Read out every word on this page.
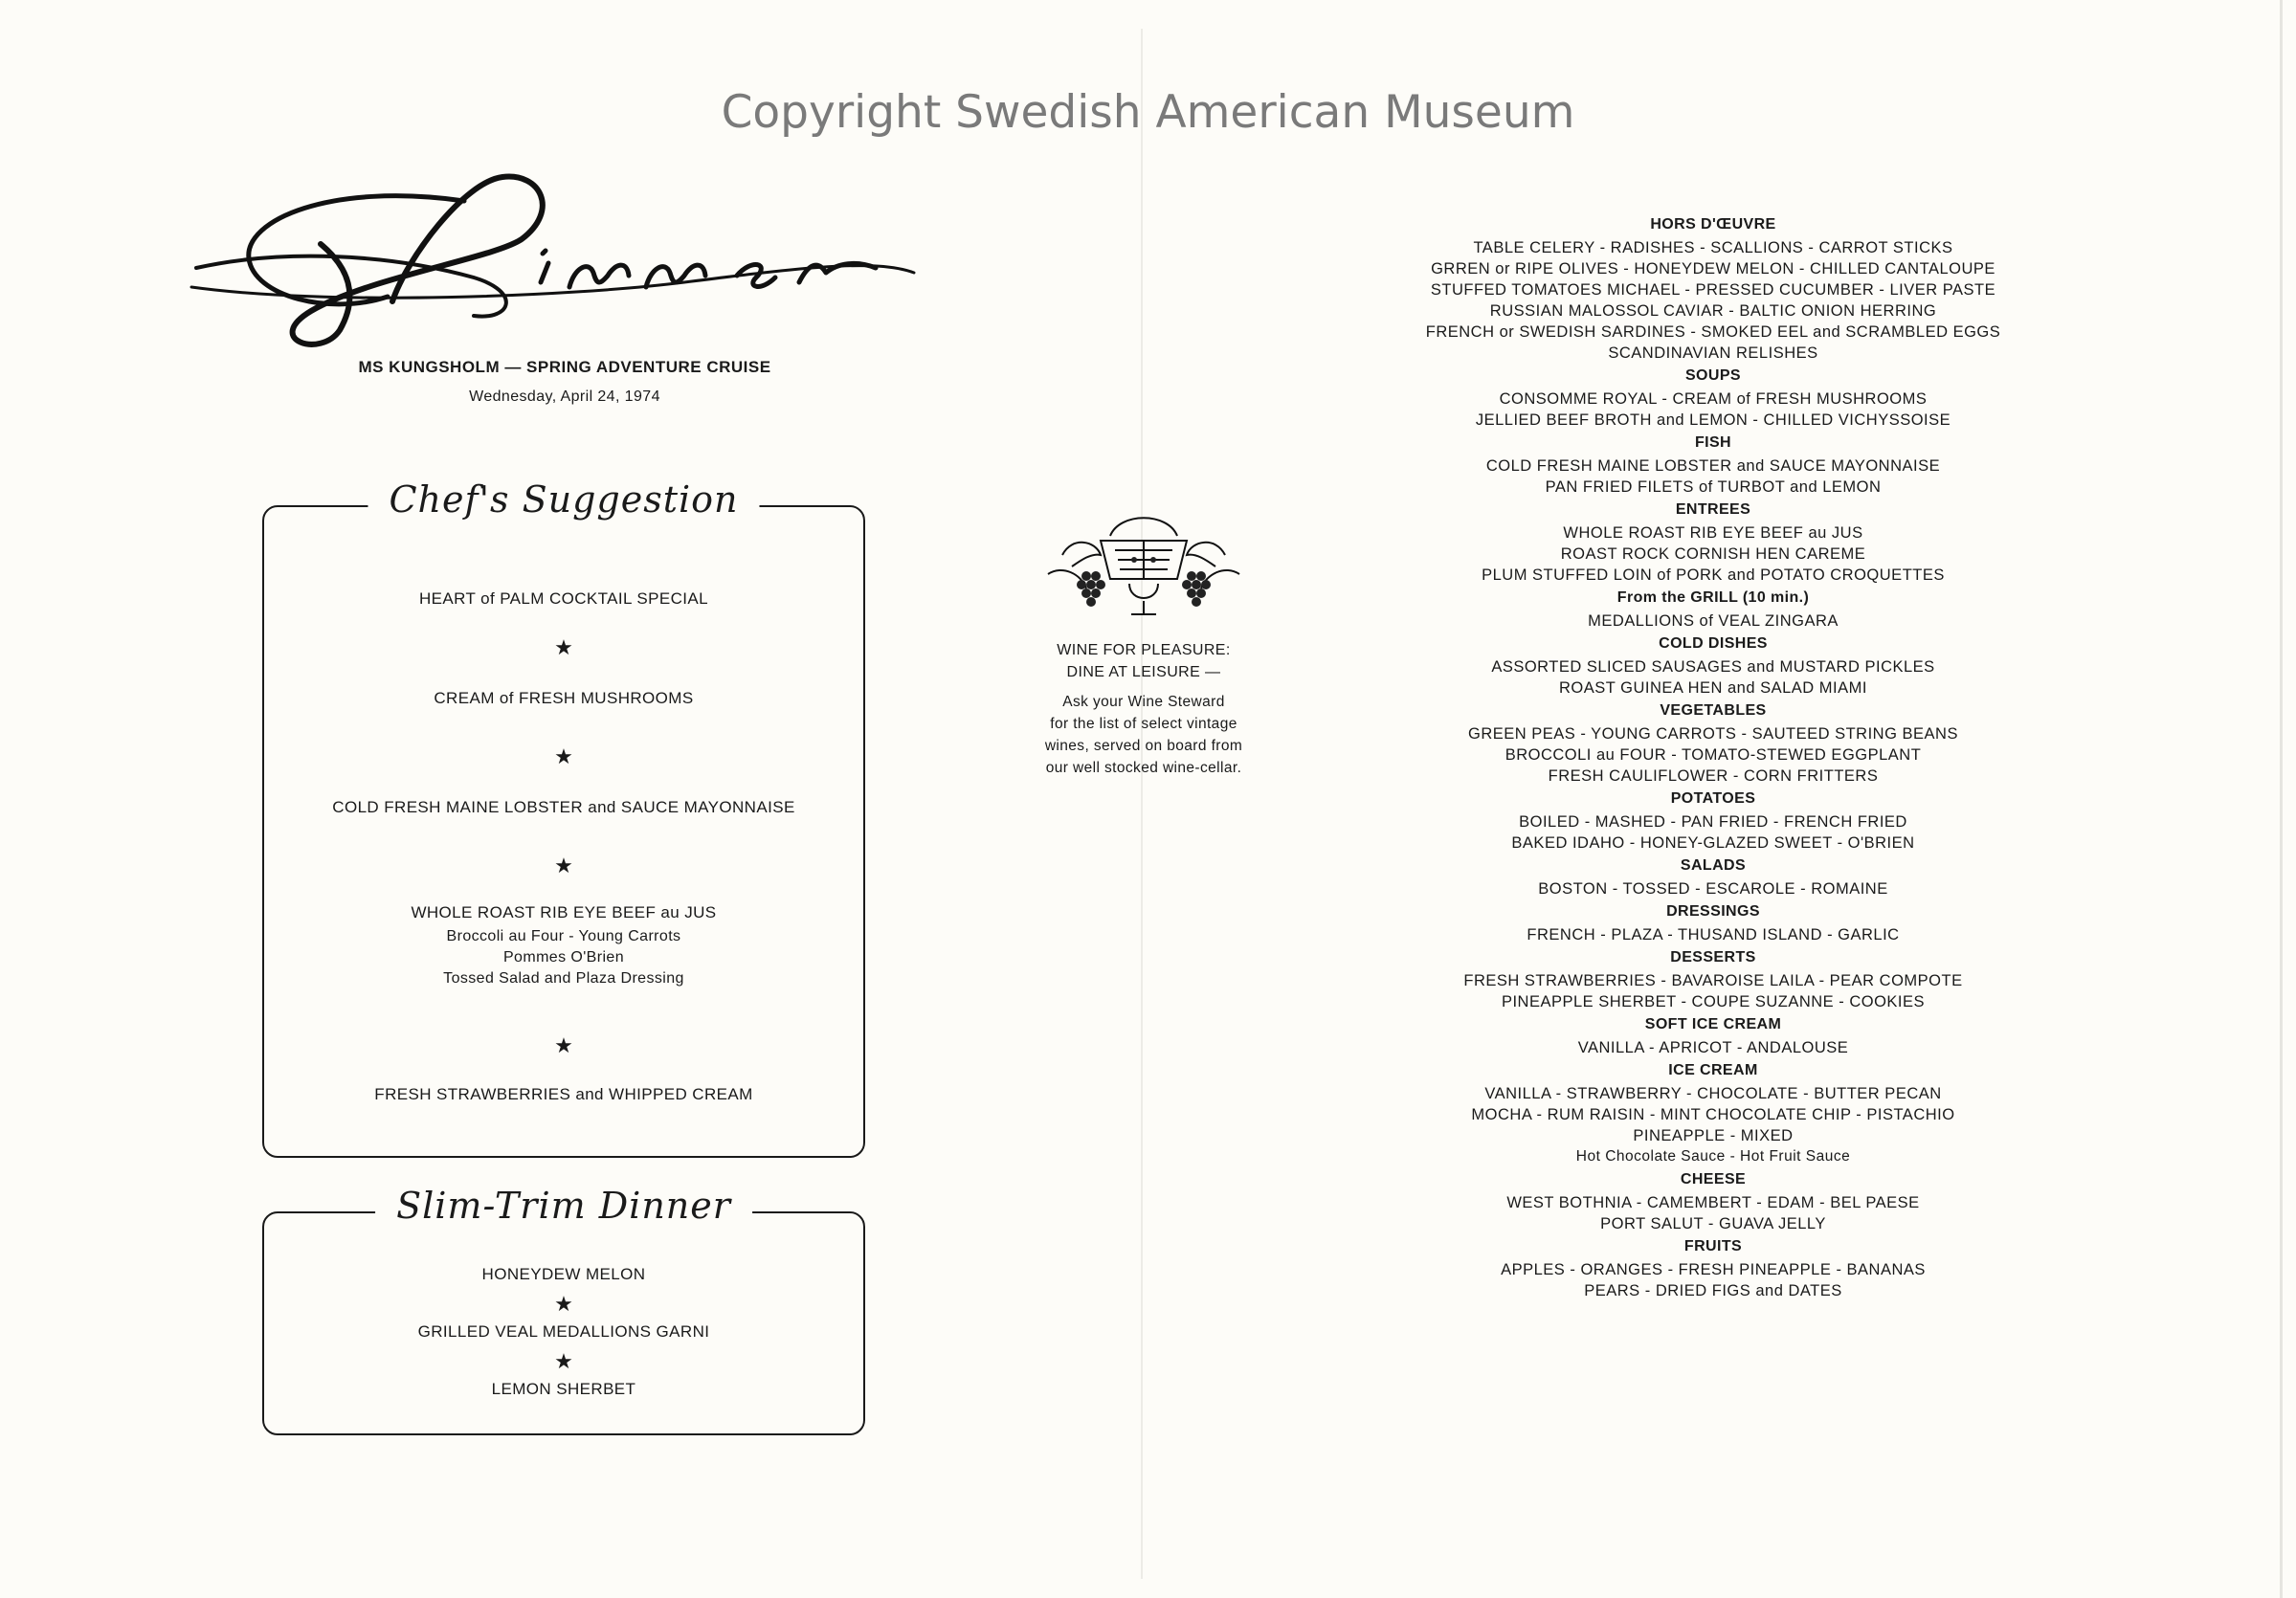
Copyright Swedish American Museum
MS KUNGSHOLM — SPRING ADVENTURE CRUISE
Wednesday, April 24, 1974
Chef's Suggestion
HEART of PALM COCKTAIL SPECIAL
★
CREAM of FRESH MUSHROOMS
★
COLD FRESH MAINE LOBSTER and SAUCE MAYONNAISE
★
WHOLE ROAST RIB EYE BEEF au JUS
Broccoli au Four - Young Carrots
Pommes O'Brien
Tossed Salad and Plaza Dressing
★
FRESH STRAWBERRIES and WHIPPED CREAM
Slim-Trim Dinner
HONEYDEW MELON
★
GRILLED VEAL MEDALLIONS GARNI
★
LEMON SHERBET
WINE FOR PLEASURE:
DINE AT LEISURE —
Ask your Wine Steward
for the list of select vintage
wines, served on board from
our well stocked wine-cellar.
HORS D'ŒUVRE
TABLE CELERY - RADISHES - SCALLIONS - CARROT STICKS
GRREN or RIPE OLIVES - HONEYDEW MELON - CHILLED CANTALOUPE
STUFFED TOMATOES MICHAEL - PRESSED CUCUMBER - LIVER PASTE
RUSSIAN MALOSSOL CAVIAR - BALTIC ONION HERRING
FRENCH or SWEDISH SARDINES - SMOKED EEL and SCRAMBLED EGGS
SCANDINAVIAN RELISHES
SOUPS
CONSOMME ROYAL - CREAM of FRESH MUSHROOMS
JELLIED BEEF BROTH and LEMON - CHILLED VICHYSSOISE
FISH
COLD FRESH MAINE LOBSTER and SAUCE MAYONNAISE
PAN FRIED FILETS of TURBOT and LEMON
ENTREES
WHOLE ROAST RIB EYE BEEF au JUS
ROAST ROCK CORNISH HEN CAREME
PLUM STUFFED LOIN of PORK and POTATO CROQUETTES
From the GRILL (10 min.)
MEDALLIONS of VEAL ZINGARA
COLD DISHES
ASSORTED SLICED SAUSAGES and MUSTARD PICKLES
ROAST GUINEA HEN and SALAD MIAMI
VEGETABLES
GREEN PEAS - YOUNG CARROTS - SAUTEED STRING BEANS
BROCCOLI au FOUR - TOMATO-STEWED EGGPLANT
FRESH CAULIFLOWER - CORN FRITTERS
POTATOES
BOILED - MASHED - PAN FRIED - FRENCH FRIED
BAKED IDAHO - HONEY-GLAZED SWEET - O'BRIEN
SALADS
BOSTON - TOSSED - ESCAROLE - ROMAINE
DRESSINGS
FRENCH - PLAZA - THUSAND ISLAND - GARLIC
DESSERTS
FRESH STRAWBERRIES - BAVAROISE LAILA - PEAR COMPOTE
PINEAPPLE SHERBET - COUPE SUZANNE - COOKIES
SOFT ICE CREAM
VANILLA - APRICOT - ANDALOUSE
ICE CREAM
VANILLA - STRAWBERRY - CHOCOLATE - BUTTER PECAN
MOCHA - RUM RAISIN - MINT CHOCOLATE CHIP - PISTACHIO
PINEAPPLE - MIXED
Hot Chocolate Sauce - Hot Fruit Sauce
CHEESE
WEST BOTHNIA - CAMEMBERT - EDAM - BEL PAESE
PORT SALUT - GUAVA JELLY
FRUITS
APPLES - ORANGES - FRESH PINEAPPLE - BANANAS
PEARS - DRIED FIGS and DATES
